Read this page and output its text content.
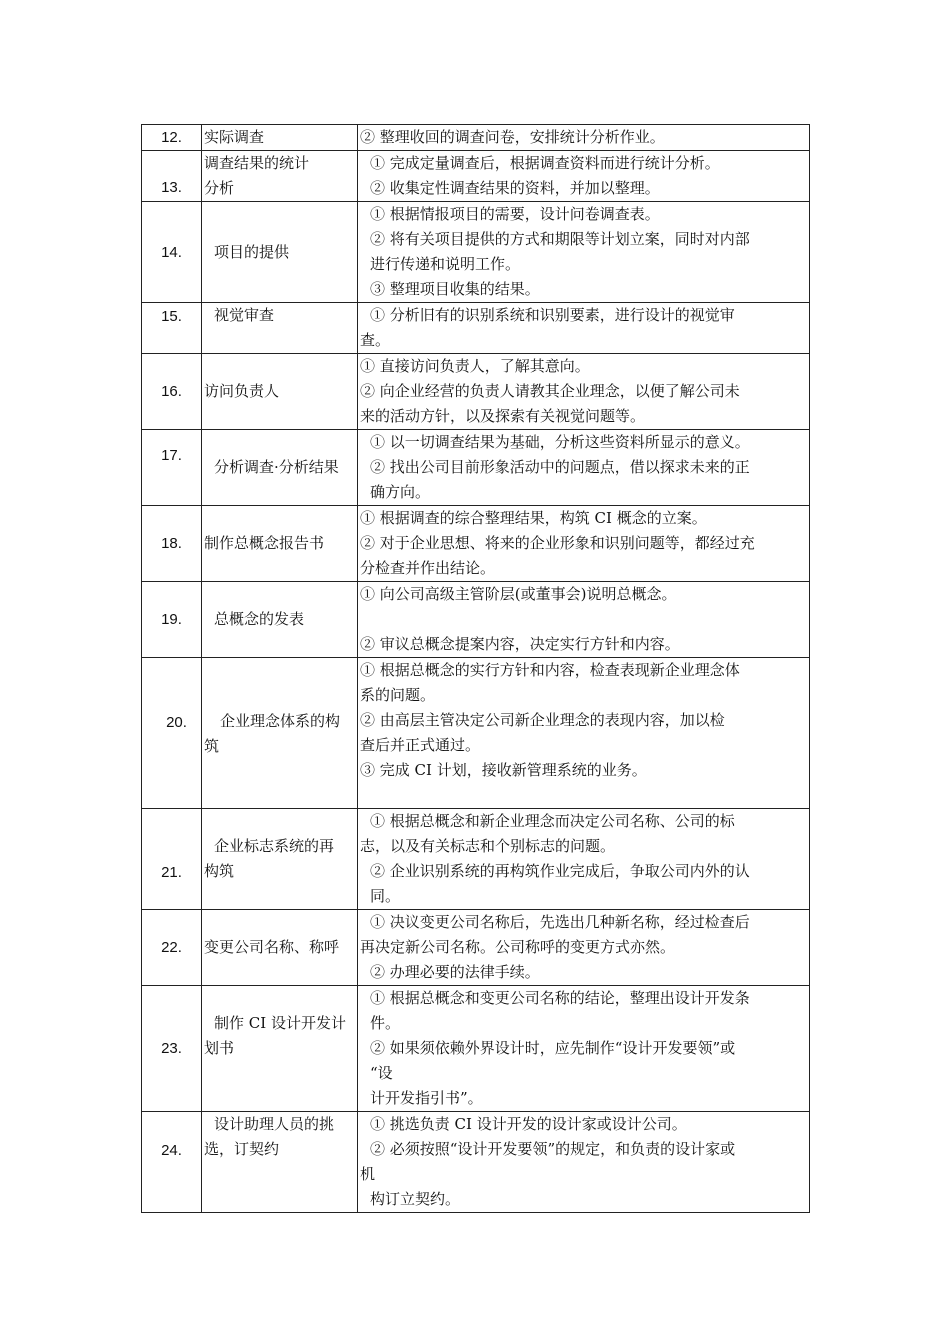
12.	实际调查	② 整理收回的调查问卷，安排统计分析作业。

13.	调查结果的统计
分析	① 完成定量调查后，根据调查资料而进行统计分析。
② 收集定性调查结果的资料，并加以整理。

14.	项目的提供	① 根据情报项目的需要，设计问卷调查表。
② 将有关项目提供的方式和期限等计划立案，同时对内部
进行传递和说明工作。
③ 整理项目收集的结果。

15.	视觉审查	① 分析旧有的识别系统和识别要素，进行设计的视觉审
查。

16.	访问负责人	① 直接访问负责人，了解其意向。
② 向企业经营的负责人请教其企业理念，以便了解公司未
来的活动方针，以及探索有关视觉问题等。

17.	分析调查·分析结果	① 以一切调查结果为基础，分析这些资料所显示的意义。
② 找出公司目前形象活动中的问题点，借以探求未来的正
确方向。

18.	制作总概念报告书	① 根据调查的综合整理结果，构筑 CI 概念的立案。
② 对于企业思想、将来的企业形象和识别问题等，都经过充
分检查并作出结论。

19.	总概念的发表	① 向公司高级主管阶层(或董事会)说明总概念。
② 审议总概念提案内容，决定实行方针和内容。

20.	企业理念体系的构
筑	① 根据总概念的实行方针和内容，检查表现新企业理念体
系的问题。
② 由高层主管决定公司新企业理念的表现内容，加以检
查后并正式通过。
③ 完成 CI 计划，接收新管理系统的业务。

21.	企业标志系统的再
构筑	① 根据总概念和新企业理念而决定公司名称、公司的标
志，以及有关标志和个别标志的问题。
② 企业识别系统的再构筑作业完成后，争取公司内外的认
同。

22.	变更公司名称、称呼	① 决议变更公司名称后，先选出几种新名称，经过检查后
再决定新公司名称。公司称呼的变更方式亦然。
② 办理必要的法律手续。

23.	制作 CI 设计开发计
划书	① 根据总概念和变更公司名称的结论，整理出设计开发条
件。
② 如果须依赖外界设计时，应先制作“设计开发要领”或
“设
计开发指引书”。

24.	设计助理人员的挑
选，订契约	① 挑选负责 CI 设计开发的设计家或设计公司。
② 必须按照“设计开发要领”的规定，和负责的设计家或
机
构订立契约。
